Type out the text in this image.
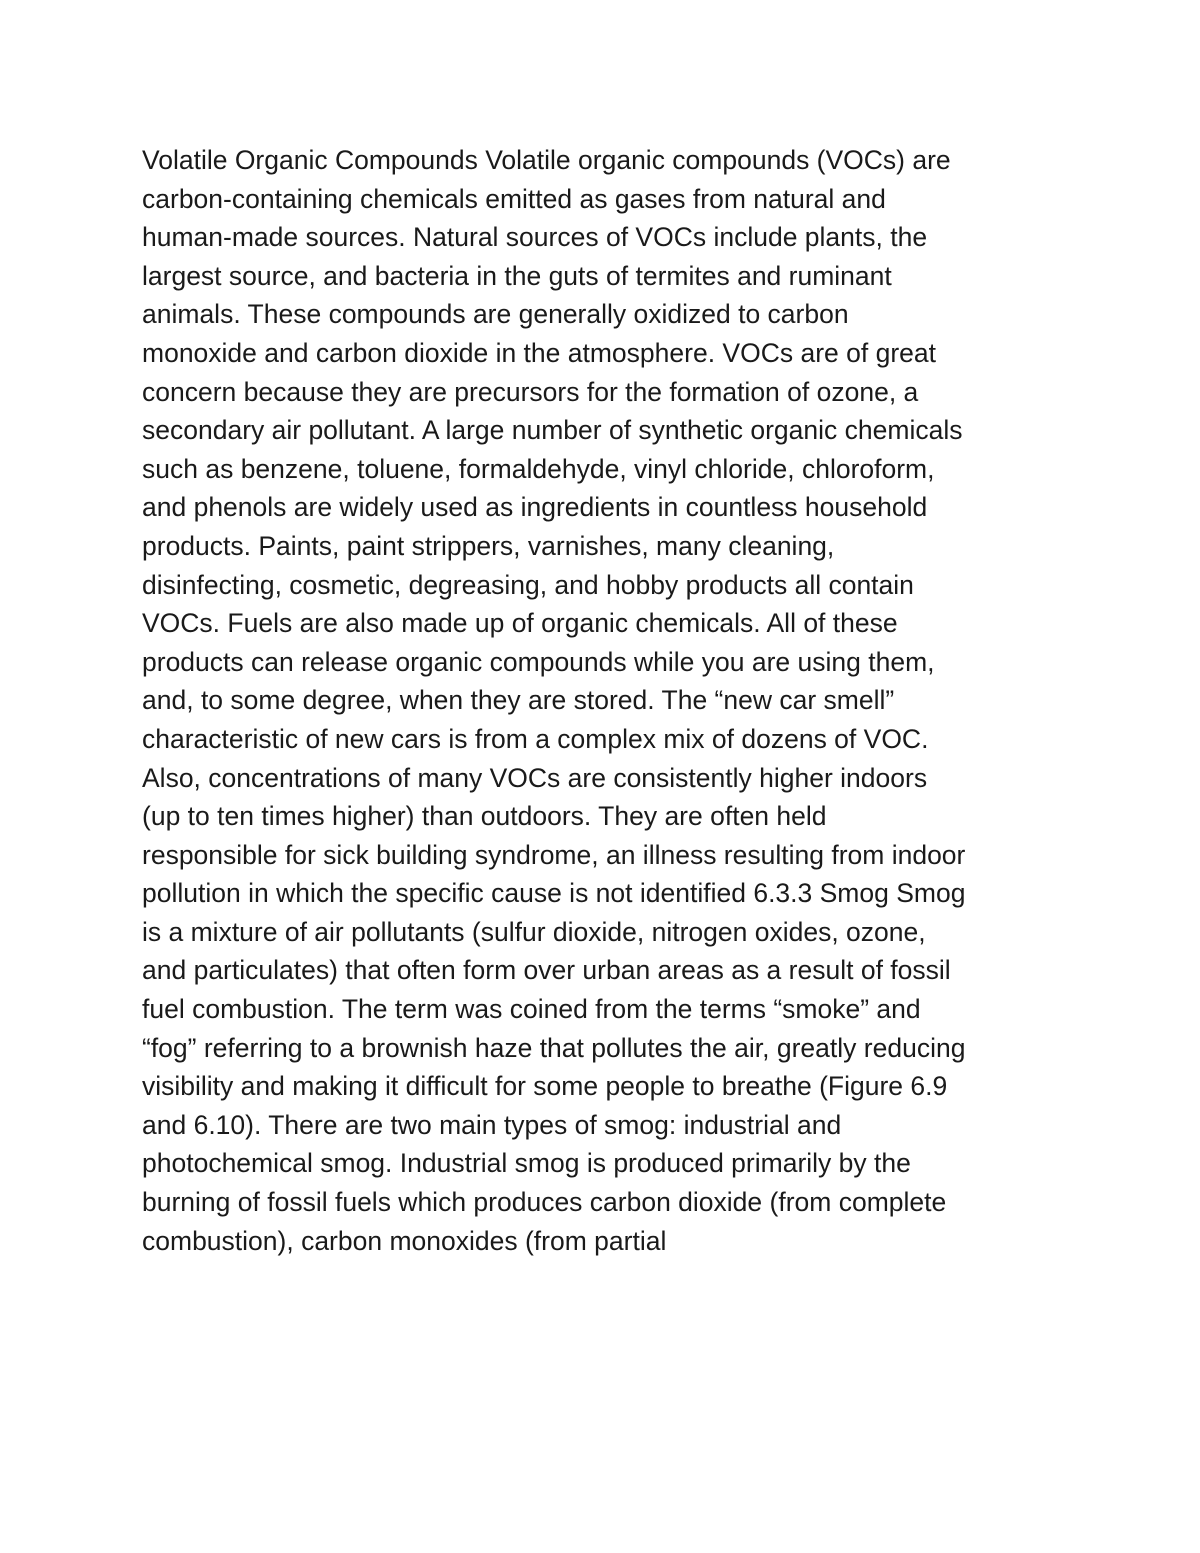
Volatile Organic Compounds Volatile organic compounds (VOCs) are
carbon-containing chemicals emitted as gases from natural and
human-made sources. Natural sources of VOCs include plants, the
largest source, and bacteria in the guts of termites and ruminant
animals. These compounds are generally oxidized to carbon
monoxide and carbon dioxide in the atmosphere. VOCs are of great
concern because they are precursors for the formation of ozone, a
secondary air pollutant. A large number of synthetic organic chemicals
such as benzene, toluene, formaldehyde, vinyl chloride, chloroform,
and phenols are widely used as ingredients in countless household
products. Paints, paint strippers, varnishes, many cleaning,
disinfecting, cosmetic, degreasing, and hobby products all contain
VOCs. Fuels are also made up of organic chemicals. All of these
products can release organic compounds while you are using them,
and, to some degree, when they are stored. The “new car smell”
characteristic of new cars is from a complex mix of dozens of VOC.
Also, concentrations of many VOCs are consistently higher indoors
(up to ten times higher) than outdoors. They are often held
responsible for sick building syndrome, an illness resulting from indoor
pollution in which the specific cause is not identified 6.3.3 Smog Smog
is a mixture of air pollutants (sulfur dioxide, nitrogen oxides, ozone,
and particulates) that often form over urban areas as a result of fossil
fuel combustion. The term was coined from the terms “smoke” and
“fog” referring to a brownish haze that pollutes the air, greatly reducing
visibility and making it difficult for some people to breathe (Figure 6.9
and 6.10). There are two main types of smog: industrial and
photochemical smog. Industrial smog is produced primarily by the
burning of fossil fuels which produces carbon dioxide (from complete
combustion), carbon monoxides (from partial
